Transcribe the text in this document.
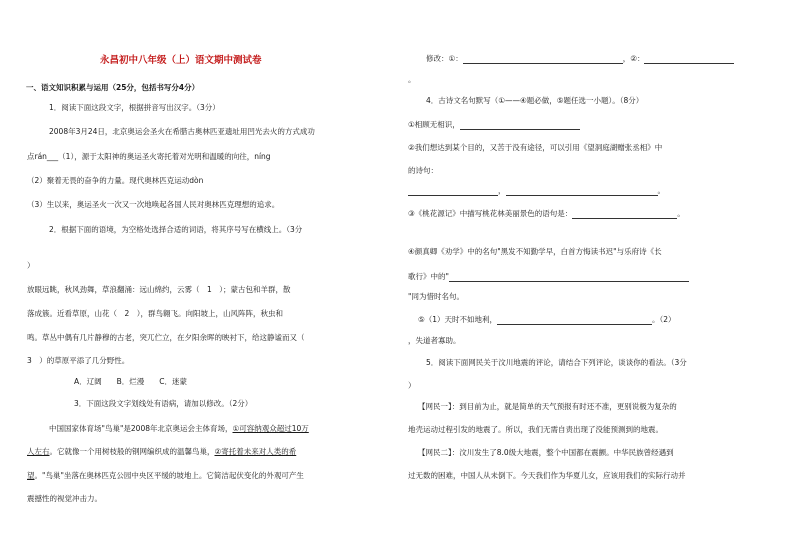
永昌初中八年级（上）语文期中测试卷
一、语文知识积累与运用（25分，包括书写分4分）
1．阅读下面这段文字，根据拼音写出汉字。（3分）
2008年3月24日，北京奥运会圣火在希腊古奥林匹亚遗址用凹光去火的方式成功
点rán___（1），源于太阳神的奥运圣火寄托着对光明和温暖的向往，níng
（2）聚着无畏的奋争的力量。现代奥林匹克运动dòn
（3）生以来，奥运圣火一次又一次地唤起各国人民对奥林匹克理想的追求。
2．根据下面的语境，为空格处选择合适的词语，将其序号写在横线上。（3分
）
放眼远眺，秋风劲舞，草浪翻涌：远山绵约，云雾（　1　）；蒙古包和羊群，散
落成簇。近看草原，山花（　2　），群鸟翱飞。向阳坡上，山风阵阵，秋虫和
鸣。草丛中偶有几片静穆的古老，突兀伫立，在夕阳余晖的映衬下，给这静谧而又（
3　）的草原平添了几分野性。
A．辽阔　　B．烂漫　　C．迷蒙
3．下面这段文字划线处有语病，请加以修改。（2分）
中国国家体育场"鸟巢"是2008年北京奥运会主体育场，①可容纳观众超过10万
人左右。它就像一个用树枝般的钢网编织成的温馨鸟巢，②寄托着未来对人类的希
望。"鸟巢"坐落在奥林匹克公园中央区平缓的坡地上。它简洁起伏变化的外观可产生
震撼性的视觉冲击力。
修改：①：	，②：
。
4．古诗文名句默写（①——④题必做，⑤题任选一小题）。（8分）
①相顾无相识，
②我们想达到某个目的，又苦于没有途径，可以引用《望洞庭湖赠张丞相》中
的诗句：
，	。
③《桃花源记》中描写桃花林美丽景色的语句是：	。
④颜真卿《劝学》中的名句"黑发不知勤学早，白首方悔读书迟"与乐府诗《长
歌行》中的"
"同为惜时名句。
⑤（1）天时不如地利，	。（2）
，失道者寡助。
5．阅读下面网民关于汶川地震的评论，请结合下列评论，谈谈你的看法。（3分
）
【网民一】：到目前为止，就是简单的天气预报有时还不准，更别说极为复杂的
地壳运动过程引发的地震了。所以，我们无需自责出现了没能预测到的地震。
【网民二】：汶川发生了8.0级大地震，整个中国都在震颤。中华民族曾经遇到
过无数的困难，中国人从未倒下。今天我们作为华夏儿女，应该用我们的实际行动并
